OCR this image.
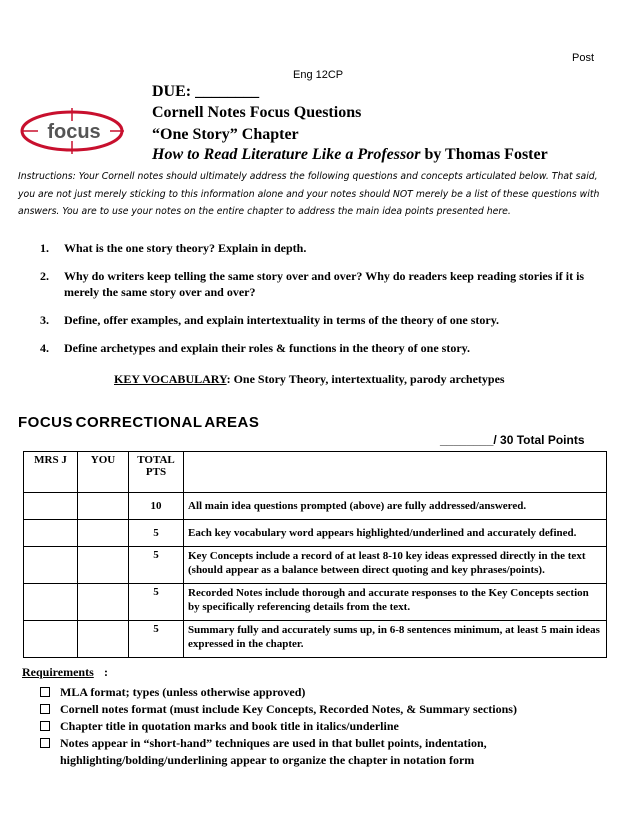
Post
Eng 12CP
focus
DUE: ________
Cornell Notes Focus Questions
“One Story” Chapter
How to Read Literature Like a Professor by Thomas Foster
Instructions: Your Cornell notes should ultimately address the following questions and concepts articulated below. That said, you are not just merely sticking to this information alone and your notes should NOT merely be a list of these questions with answers. You are to use your notes on the entire chapter to address the main idea points presented here.
1.	What is the one story theory? Explain in depth.
2.	Why do writers keep telling the same story over and over? Why do readers keep reading stories if it is merely the same story over and over?
3.	Define, offer examples, and explain intertextuality in terms of the theory of one story.
4.	Define archetypes and explain their roles & functions in the theory of one story.
KEY VOCABULARY: One Story Theory, intertextuality, parody archetypes
FOCUS CORRECTIONAL AREAS
________/ 30 Total Points
MRS J	YOU	TOTAL PTS	
		10	All main idea questions prompted (above) are fully addressed/answered.
		5	Each key vocabulary word appears highlighted/underlined and accurately defined.
		5	Key Concepts include a record of at least 8-10 key ideas expressed directly in the text (should appear as a balance between direct quoting and key phrases/points).
		5	Recorded Notes include thorough and accurate responses to the Key Concepts section by specifically referencing details from the text.
		5	Summary fully and accurately sums up, in 6-8 sentences minimum, at least 5 main ideas expressed in the chapter.
Requirements :
MLA format; types (unless otherwise approved)
Cornell notes format (must include Key Concepts, Recorded Notes, & Summary sections)
Chapter title in quotation marks and book title in italics/underline
Notes appear in “short-hand” techniques are used in that bullet points, indentation, highlighting/bolding/underlining appear to organize the chapter in notation form
